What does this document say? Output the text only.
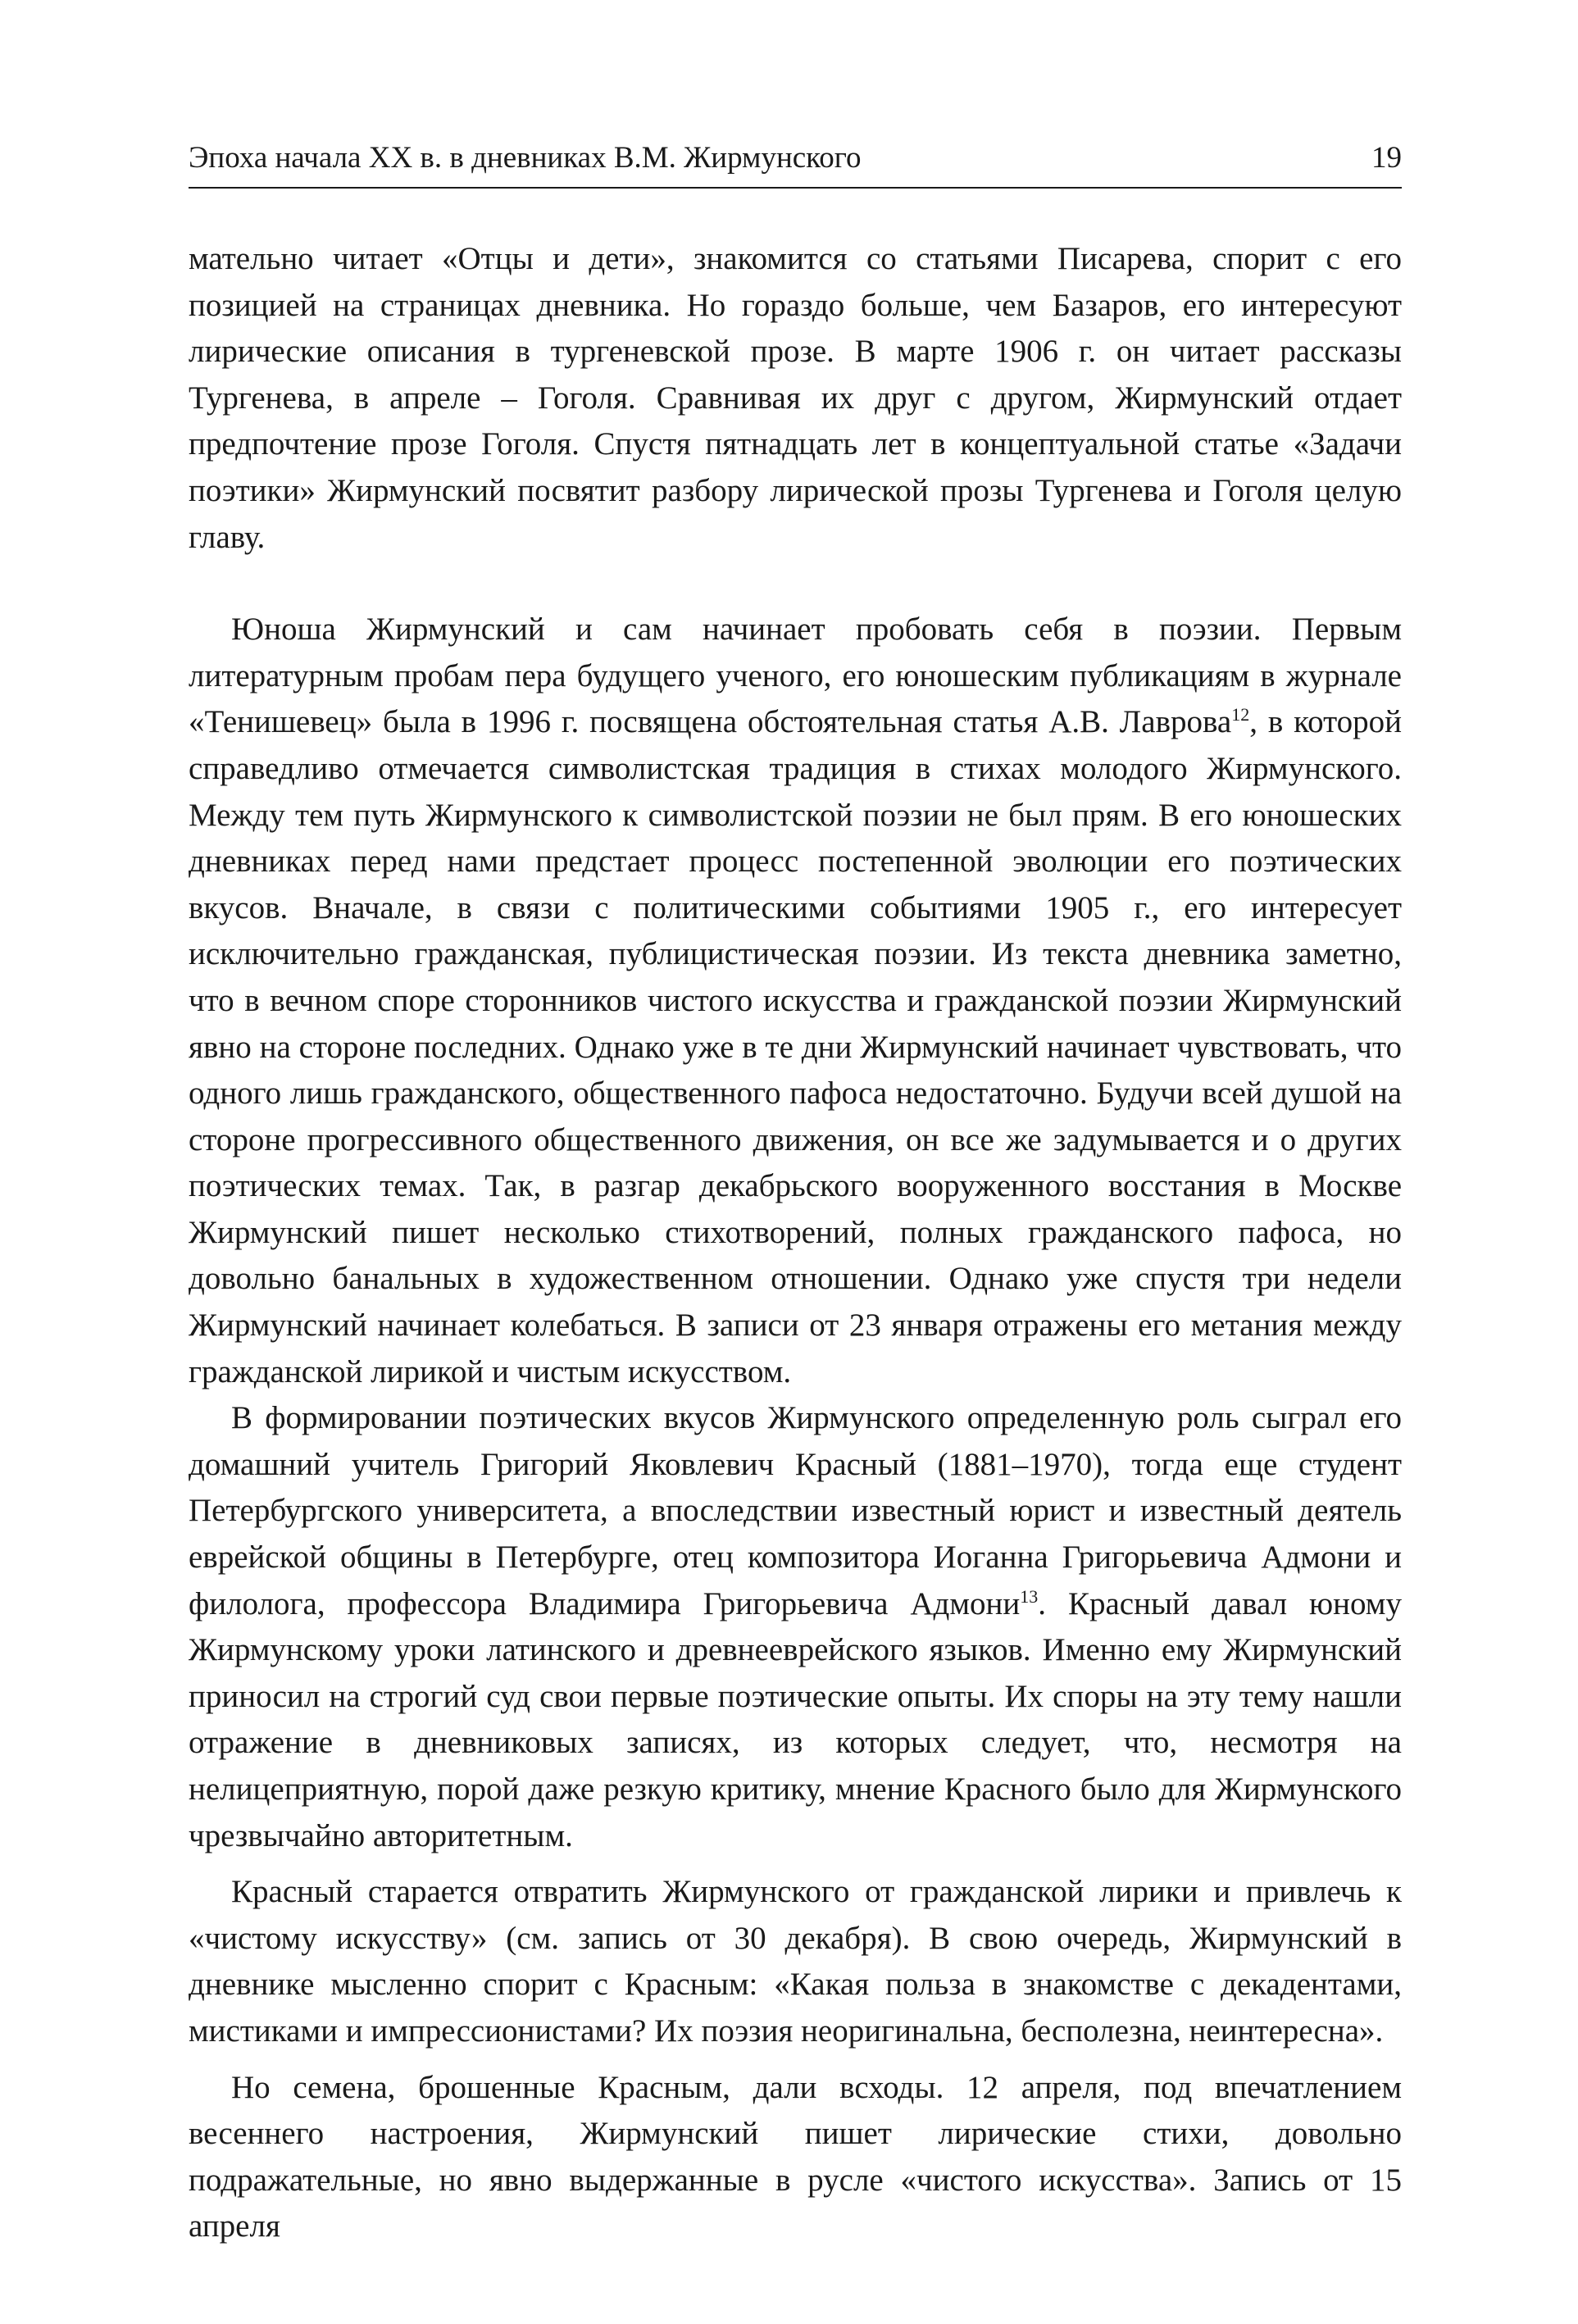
Эпоха начала XX в. в дневниках В.М. Жирмунского	19

мательно читает «Отцы и дети», знакомится со статьями Писарева, спорит с его позицией на страницах дневника. Но гораздо больше, чем Базаров, его интересуют лирические описания в тургеневской прозе. В марте 1906 г. он читает рассказы Тургенева, в апреле – Гоголя. Сравнивая их друг с другом, Жирмунский отдает предпочтение прозе Гоголя. Спустя пятнадцать лет в концептуальной статье «Задачи поэтики» Жирмунский посвятит разбору лирической прозы Тургенева и Гоголя целую главу.

Юноша Жирмунский и сам начинает пробовать себя в поэзии. Первым литературным пробам пера будущего ученого, его юношеским публикациям в журнале «Тенишевец» была в 1996 г. посвящена обстоятельная статья А.В. Лаврова$^{12}$, в которой справедливо отмечается символистская традиция в стихах молодого Жирмунского. Между тем путь Жирмунского к символистской поэзии не был прям. В его юношеских дневниках перед нами предстает процесс постепенной эволюции его поэтических вкусов. Вначале, в связи с политическими событиями 1905 г., его интересует исключительно гражданская, публицистическая поэзии. Из текста дневника заметно, что в вечном споре сторонников чистого искусства и гражданской поэзии Жирмунский явно на стороне последних. Однако уже в те дни Жирмунский начинает чувствовать, что одного лишь гражданского, общественного пафоса недостаточно. Будучи всей душой на стороне прогрессивного общественного движения, он все же задумывается и о других поэтических темах. Так, в разгар декабрьского вооруженного восстания в Москве Жирмунский пишет несколько стихотворений, полных гражданского пафоса, но довольно банальных в художественном отношении. Однако уже спустя три недели Жирмунский начинает колебаться. В записи от 23 января отражены его метания между гражданской лирикой и чистым искусством.

В формировании поэтических вкусов Жирмунского определенную роль сыграл его домашний учитель Григорий Яковлевич Красный (1881–1970), тогда еще студент Петербургского университета, а впоследствии известный юрист и известный деятель еврейской общины в Петербурге, отец композитора Иоганна Григорьевича Адмони и филолога, профессора Владимира Григорьевича Адмони$^{13}$. Красный давал юному Жирмунскому уроки латинского и древнееврейского языков. Именно ему Жирмунский приносил на строгий суд свои первые поэтические опыты. Их споры на эту тему нашли отражение в дневниковых записях, из которых следует, что, несмотря на нелицеприятную, порой даже резкую критику, мнение Красного было для Жирмунского чрезвычайно авторитетным.

Красный старается отвратить Жирмунского от гражданской лирики и привлечь к «чистому искусству» (см. запись от 30 декабря). В свою очередь, Жирмунский в дневнике мысленно спорит с Красным: «Какая польза в знакомстве с декадентами, мистиками и импрессионистами? Их поэзия неоригинальна, бесполезна, неинтересна».

Но семена, брошенные Красным, дали всходы. 12 апреля, под впечатлением весеннего настроения, Жирмунский пишет лирические стихи, довольно подражательные, но явно выдержанные в русле «чистого искусства». Запись от 15 апреля
